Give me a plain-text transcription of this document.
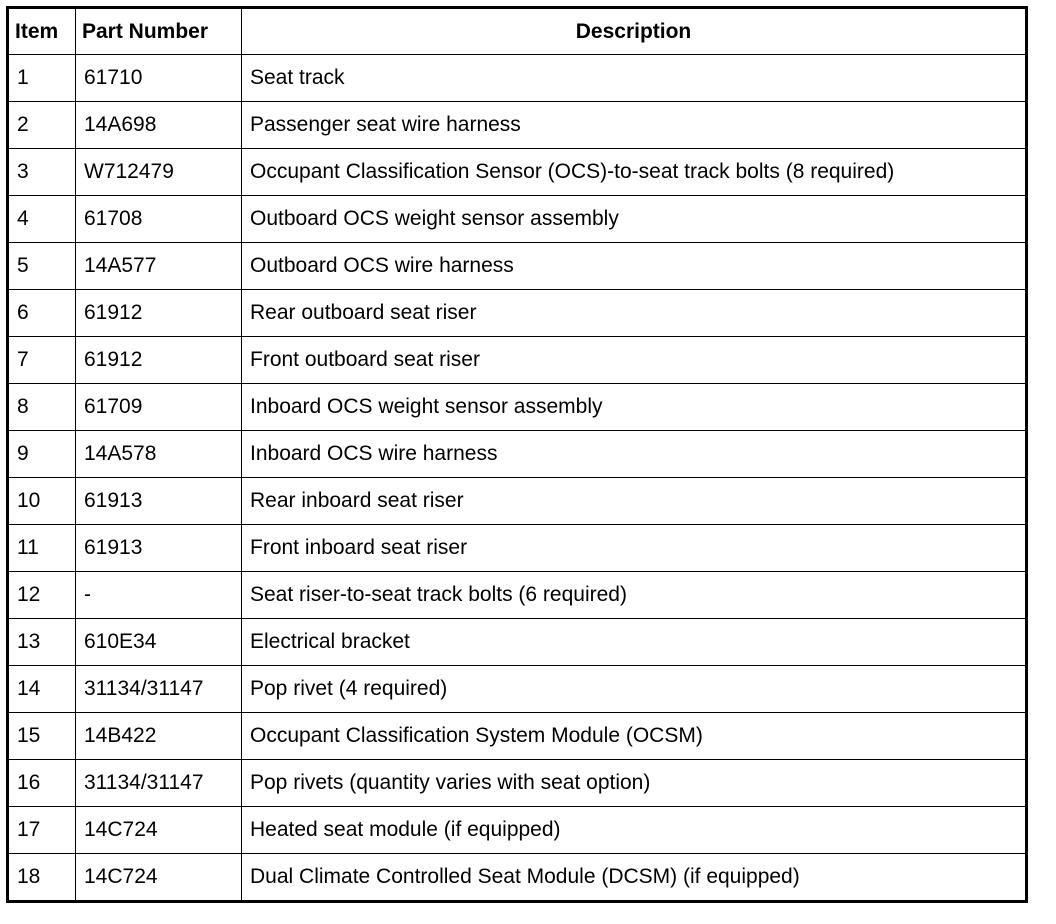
Item	Part Number	Description
1	61710	Seat track
2	14A698	Passenger seat wire harness
3	W712479	Occupant Classification Sensor (OCS)-to-seat track bolts (8 required)
4	61708	Outboard OCS weight sensor assembly
5	14A577	Outboard OCS wire harness
6	61912	Rear outboard seat riser
7	61912	Front outboard seat riser
8	61709	Inboard OCS weight sensor assembly
9	14A578	Inboard OCS wire harness
10	61913	Rear inboard seat riser
11	61913	Front inboard seat riser
12	-	Seat riser-to-seat track bolts (6 required)
13	610E34	Electrical bracket
14	31134/31147	Pop rivet (4 required)
15	14B422	Occupant Classification System Module (OCSM)
16	31134/31147	Pop rivets (quantity varies with seat option)
17	14C724	Heated seat module (if equipped)
18	14C724	Dual Climate Controlled Seat Module (DCSM) (if equipped)
